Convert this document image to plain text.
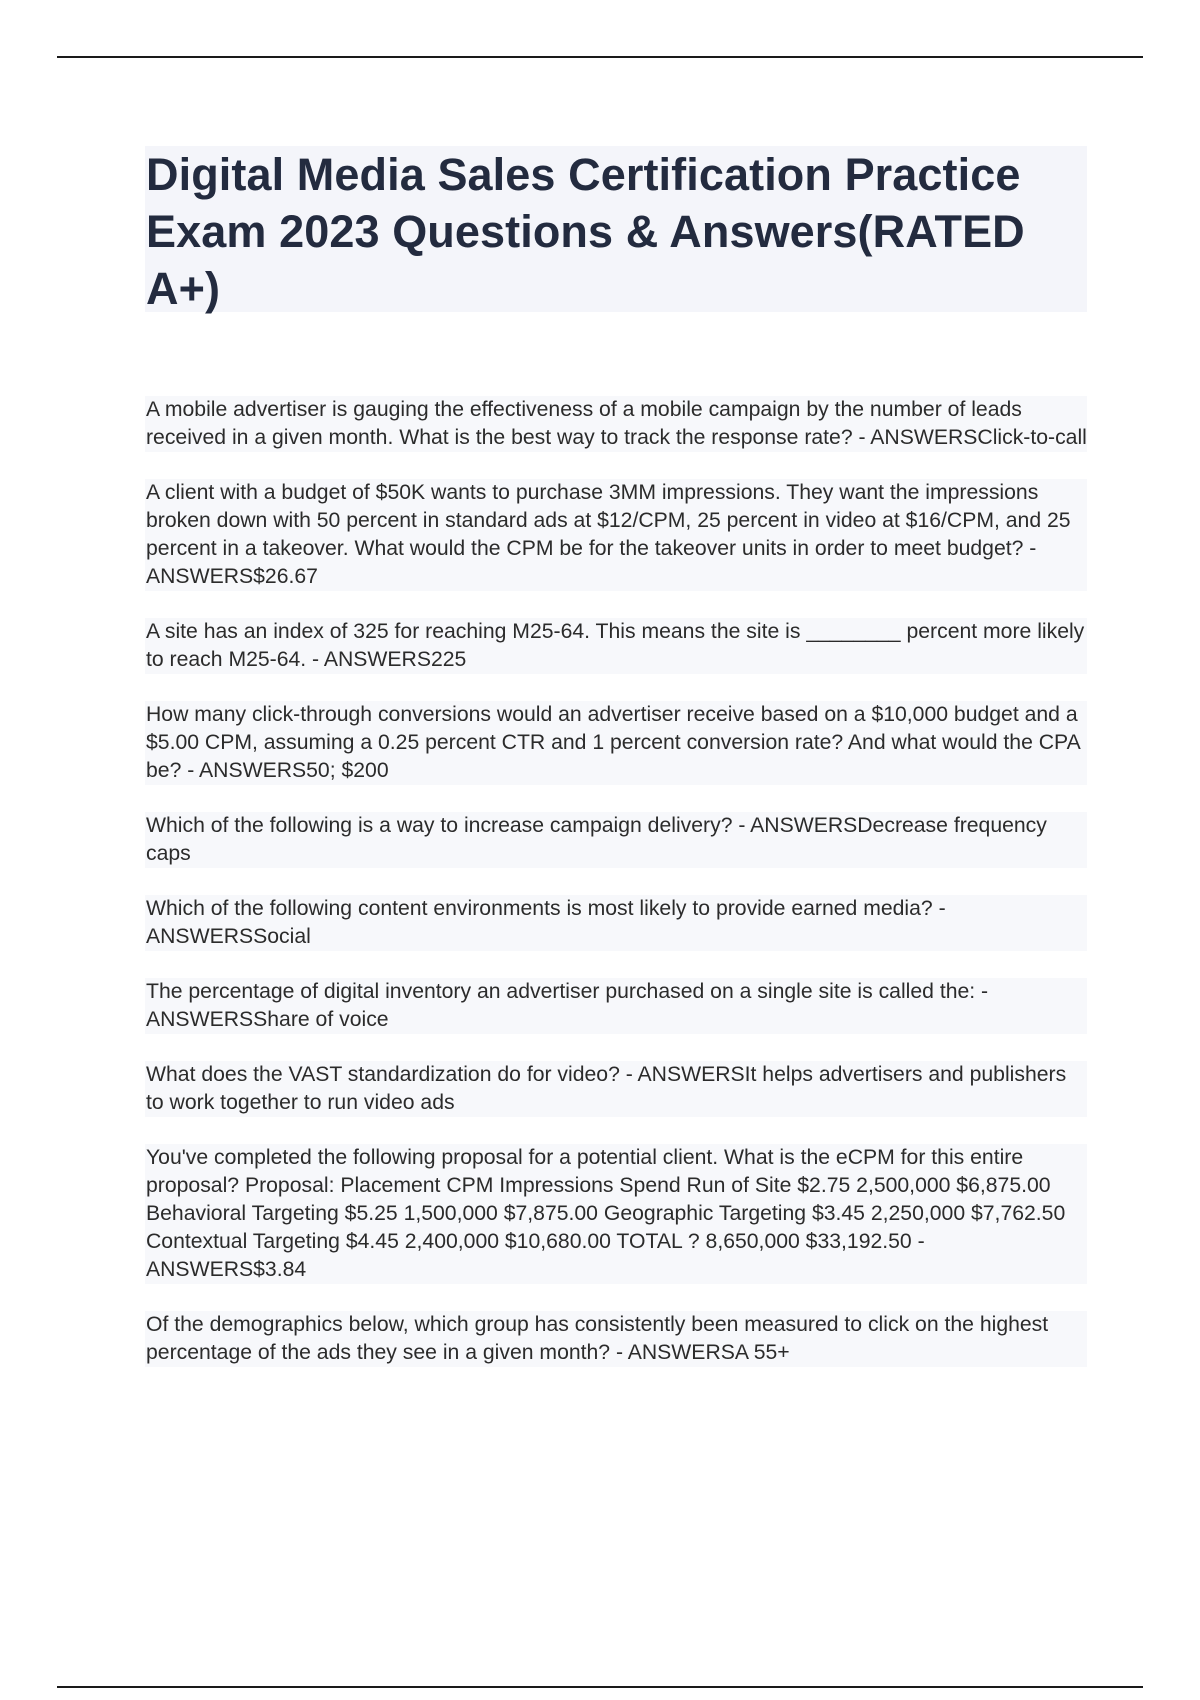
Digital Media Sales Certification Practice Exam 2023 Questions & Answers(RATED A+)
A mobile advertiser is gauging the effectiveness of a mobile campaign by the number of leads received in a given month. What is the best way to track the response rate? - ANSWERSClick-to-call A client with a budget of $50K wants to purchase 3MM impressions. They want the impressions broken down with 50 percent in standard ads at $12/CPM, 25 percent in video at $16/CPM, and 25 percent in a takeover. What would the CPM be for the takeover units in order to meet budget? - ANSWERS$26.67 A site has an index of 325 for reaching M25-64. This means the site is ________ percent more likely to reach M25-64. - ANSWERS225 How many click-through conversions would an advertiser receive based on a $10,000 budget and a $5.00 CPM, assuming a 0.25 percent CTR and 1 percent conversion rate? And what would the CPA be? - ANSWERS50; $200 Which of the following is a way to increase campaign delivery? - ANSWERSDecrease frequency caps Which of the following content environments is most likely to provide earned media? - ANSWERSSocial The percentage of digital inventory an advertiser purchased on a single site is called the: - ANSWERSShare of voice What does the VAST standardization do for video? - ANSWERSIt helps advertisers and publishers to work together to run video ads You've completed the following proposal for a potential client. What is the eCPM for this entire proposal? Proposal: Placement CPM Impressions Spend Run of Site $2.75 2,500,000 $6,875.00 Behavioral Targeting $5.25 1,500,000 $7,875.00 Geographic Targeting $3.45 2,250,000 $7,762.50 Contextual Targeting $4.45 2,400,000 $10,680.00 TOTAL ? 8,650,000 $33,192.50 - ANSWERS$3.84 Of the demographics below, which group has consistently been measured to click on the highest percentage of the ads they see in a given month? - ANSWERSA 55+
